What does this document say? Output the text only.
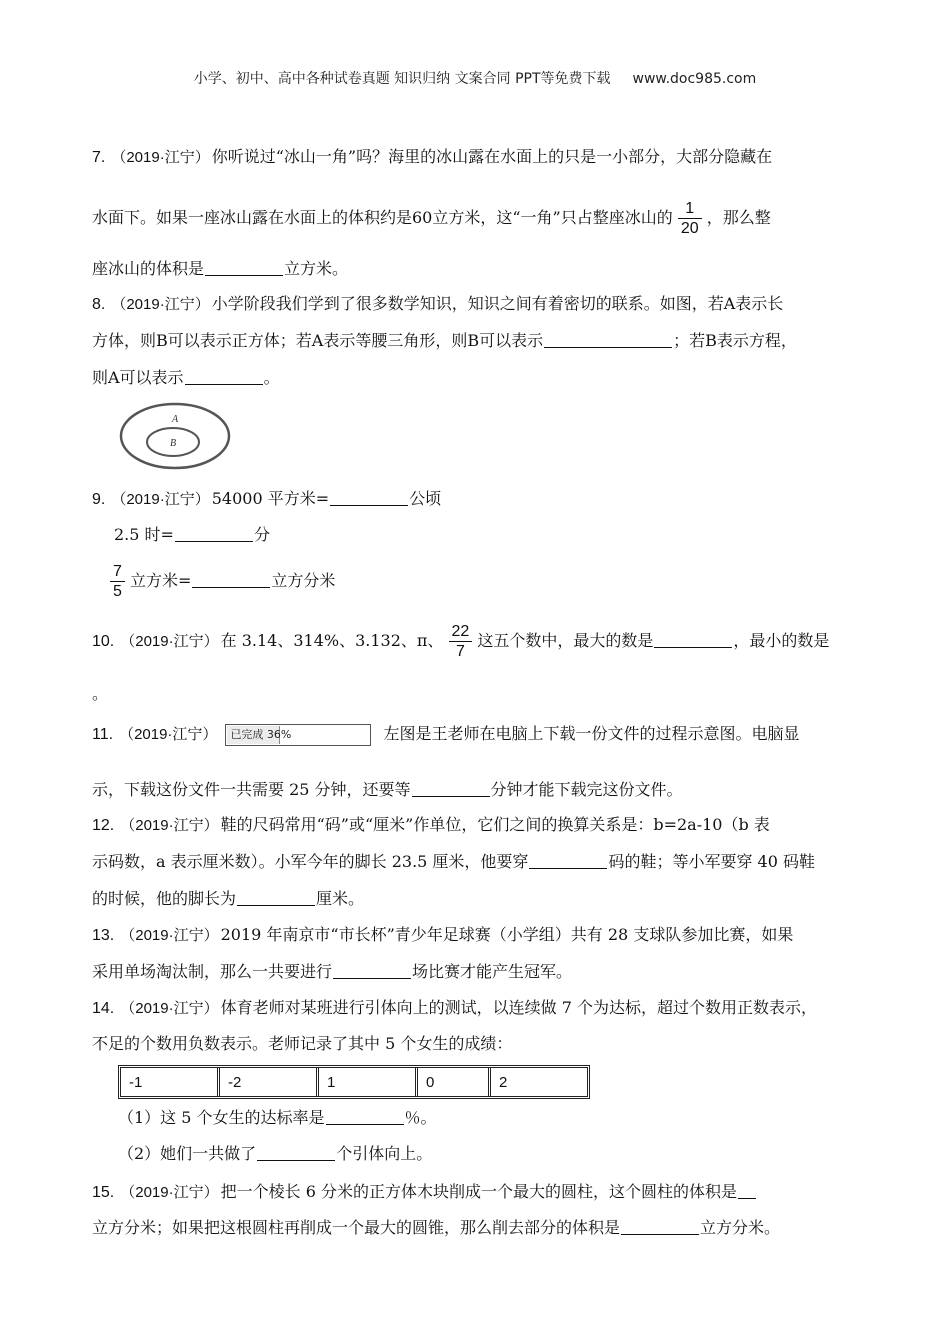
小学、初中、高中各种试卷真题 知识归纳 文案合同 PPT等免费下载 www.doc985.com
7. （2019·江宁） 你听说过“冰山一角”吗？海里的冰山露在水面上的只是一小部分，大部分隐藏在
水面下。如果一座冰山露在水面上的体积约是60立方米，这“一角”只占整座冰山的 $\frac{1}{20}$ ，那么整
座冰山的体积是	立方米。
8. （2019·江宁） 小学阶段我们学到了很多数学知识，知识之间有着密切的联系。如图，若A表示长
方体，则B可以表示正方体；若A表示等腰三角形，则B可以表示	；若B表示方程，
则A可以表示	。
A
B
9. （2019·江宁） 54000 平方米=	公顷
2.5 时=	分
$\frac{7}{5}$ 立方米=	立方分米
10. （2019·江宁） 在 3.14、314%、3.132、π、 $\frac{22}{7}$ 这五个数中，最大的数是	，最小的数是
。
11. （2019·江宁） 已完成 36%	左图是王老师在电脑上下载一份文件的过程示意图。电脑显
示，下载这份文件一共需要 25 分钟，还要等	分钟才能下载完这份文件。
12. （2019·江宁） 鞋的尺码常用“码”或“厘米”作单位，它们之间的换算关系是：b=2a-10（b 表
示码数，a 表示厘米数）。小军今年的脚长 23.5 厘米，他要穿	码的鞋；等小军要穿 40 码鞋
的时候，他的脚长为	厘米。
13. （2019·江宁） 2019 年南京市“市长杯”青少年足球赛（小学组）共有 28 支球队参加比赛，如果
采用单场淘汰制，那么一共要进行	场比赛才能产生冠军。
14. （2019·江宁） 体育老师对某班进行引体向上的测试，以连续做 7 个为达标，超过个数用正数表示，
不足的个数用负数表示。老师记录了其中 5 个女生的成绩：
-1	-2	1	0	2
（1）这 5 个女生的达标率是	％。
（2）她们一共做了	个引体向上。
15. （2019·江宁） 把一个棱长 6 分米的正方体木块削成一个最大的圆柱，这个圆柱的体积是
立方分米；如果把这根圆柱再削成一个最大的圆锥，那么削去部分的体积是	立方分米。
